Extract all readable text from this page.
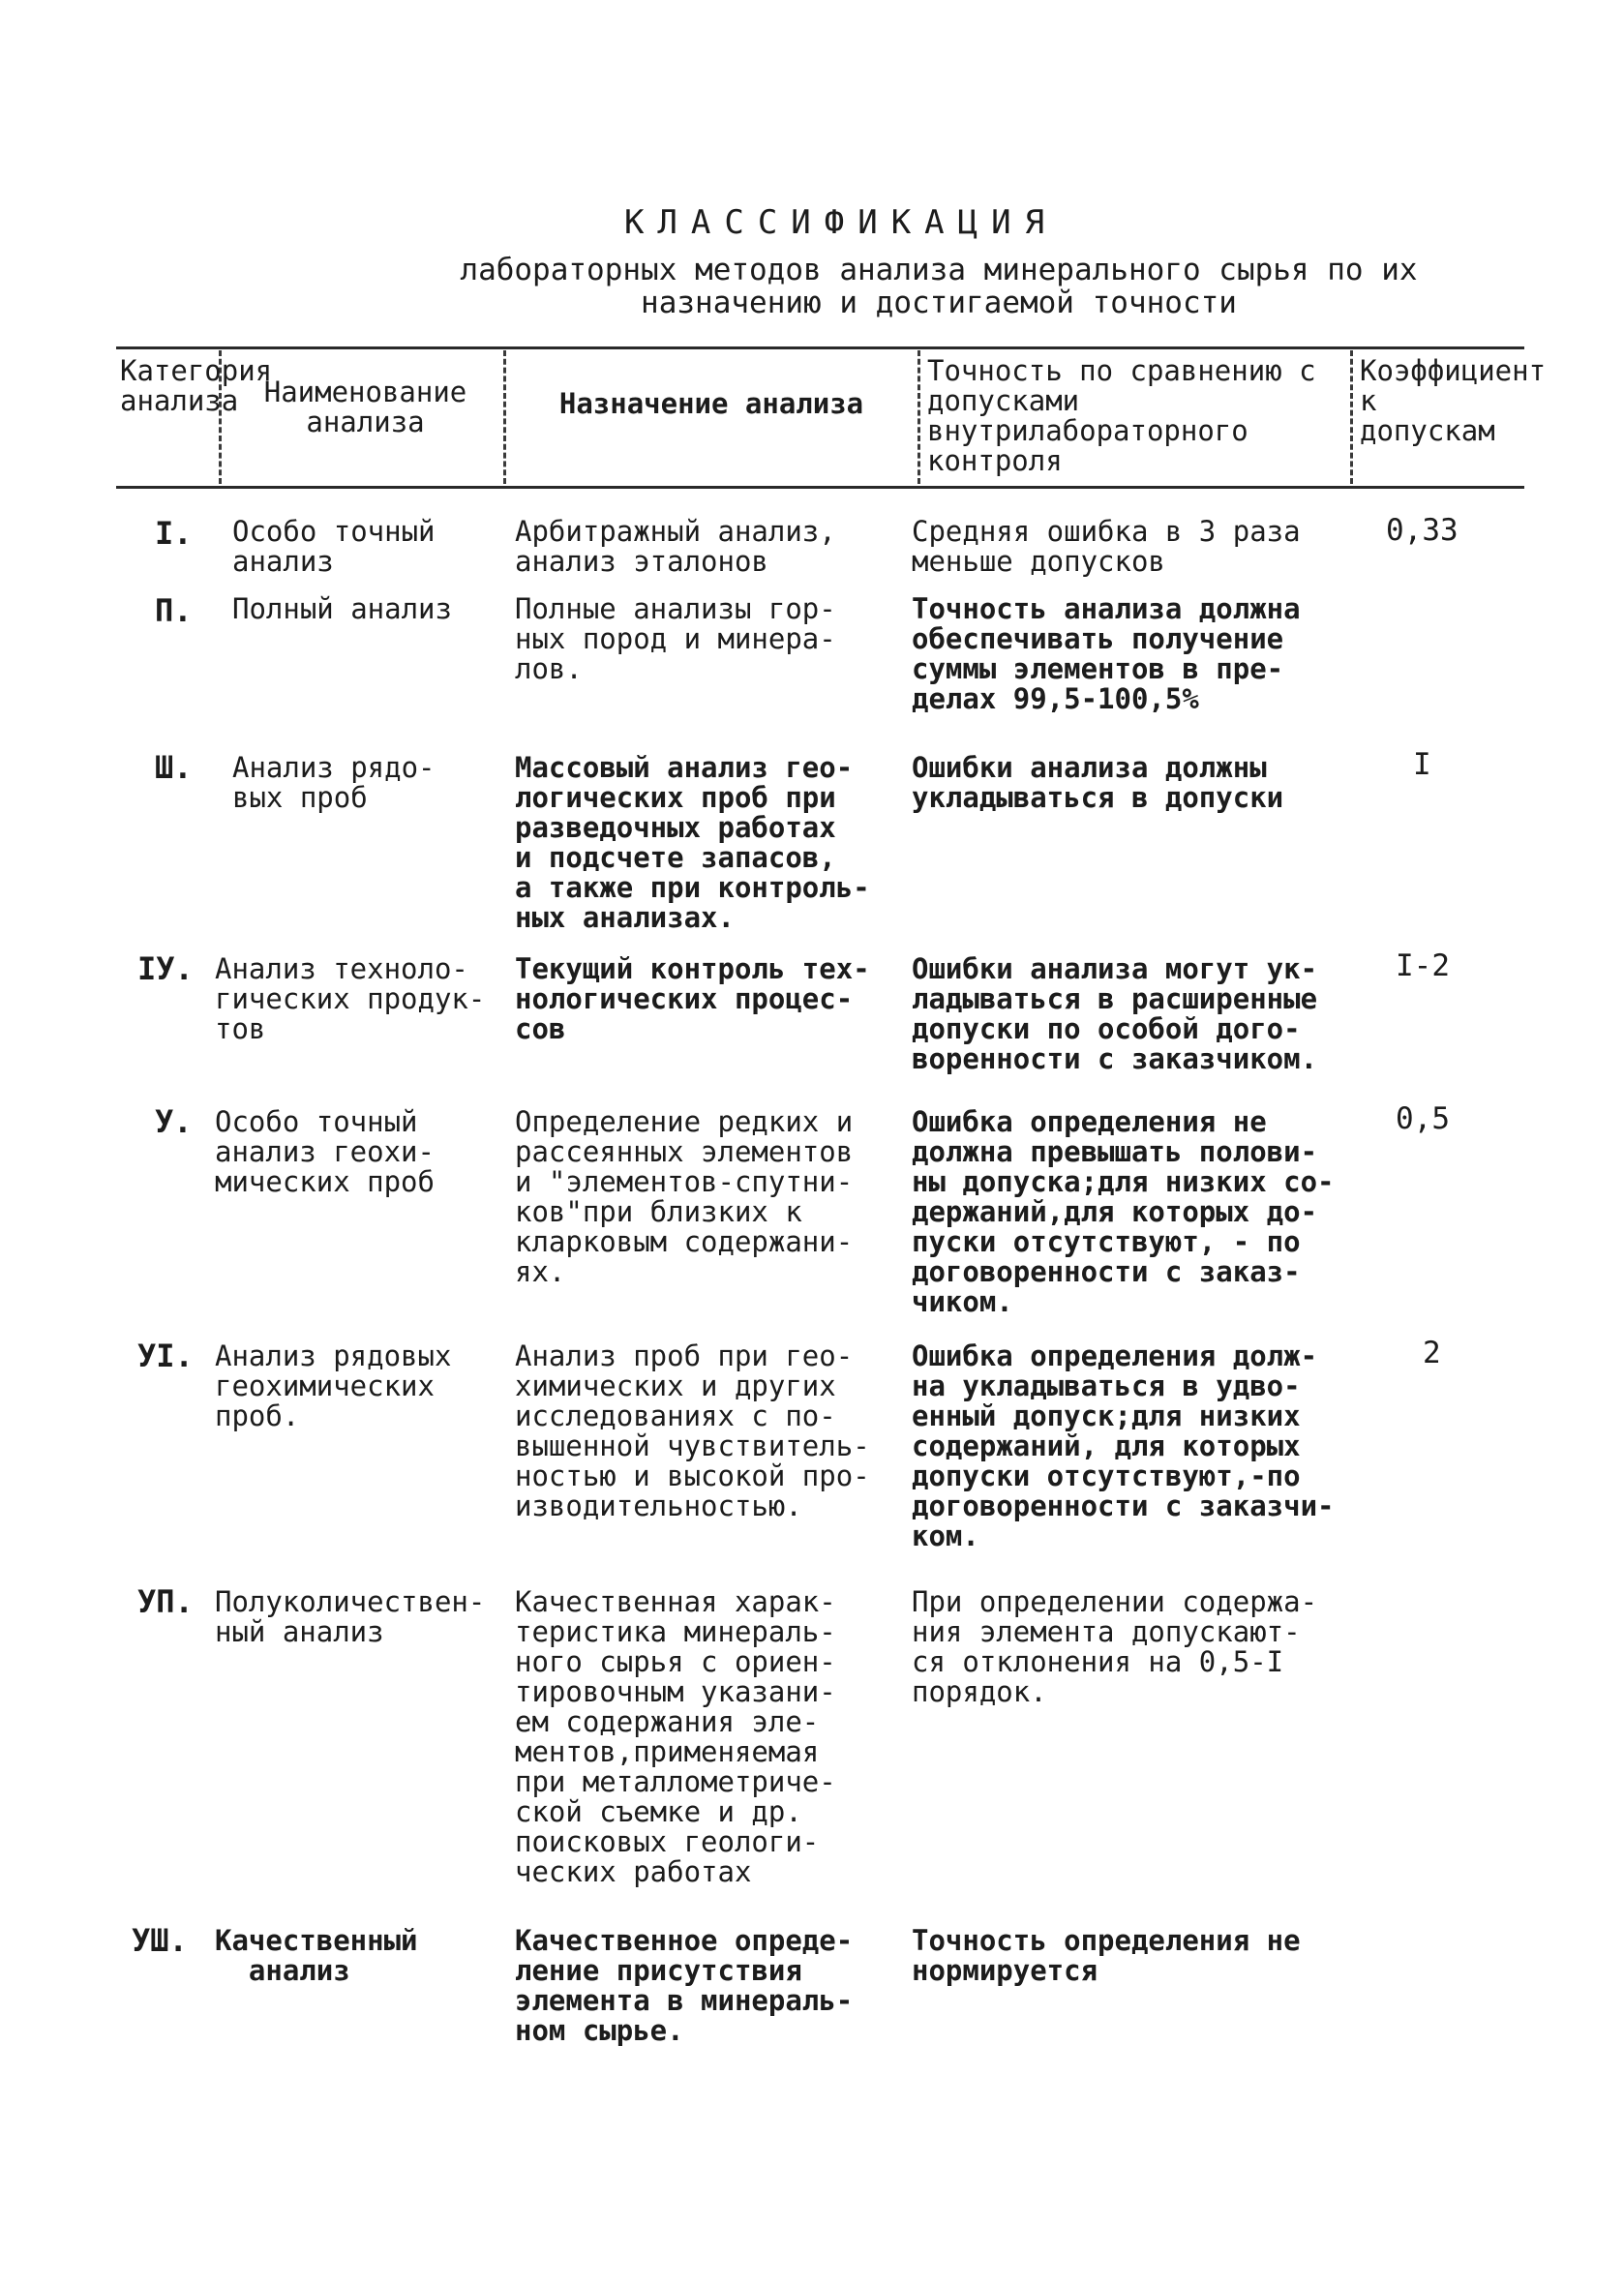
КЛАССИФИКАЦИЯ
лабораторных методов анализа минерального сырья по их назначению и достигаемой точности
Категория анализа Наименование анализа
Назначение анализа
Точность по сравнению с допусками внутрилабораторного контроля
Коэффициент к допускам
I. Особо точный
анализ
Арбитражный анализ,
анализ эталонов
Средняя ошибка в 3 раза
меньше допусков
0,33
П. Полный анализ Полные анализы гор-
ных пород и минера-
лов.
Точность анализа должна
обеспечивать получение
суммы элементов в пре-
делах 99,5-100,5%
Ш. Анализ рядо-
вых проб
Массовый анализ гео-
логических проб при
разведочных работах
и подсчете запасов,
а также при контроль-
ных анализах.
Ошибки анализа должны
укладываться в допуски
I
IУ. Анализ техноло-
гических продук-
тов
Текущий контроль тех-
нологических процес-
сов
Ошибки анализа могут ук-
ладываться в расширенные
допуски по особой дого-
воренности с заказчиком.
I-2
У. Особо точный
анализ геохи-
мических проб
Определение редких и
рассеянных элементов
и "элементов-спутни-
ков"при близких к
кларковым содержани-
ях.
Ошибка определения не
должна превышать полови-
ны допуска;для низких со-
держаний,для которых до-
пуски отсутствуют, - по
договоренности с заказ-
чиком.
0,5
УI. Анализ рядовых
геохимических
проб.
Анализ проб при гео-
химических и других
исследованиях с по-
вышенной чувствитель-
ностью и высокой про-
изводительностью.
Ошибка определения долж-
на укладываться в удво-
енный допуск;для низких
содержаний, для которых
допуски отсутствуют,-по
договоренности с заказчи-
ком.
2
УП. Полуколичествен-
ный анализ
Качественная харак-
теристика минераль-
ного сырья с ориен-
тировочным указани-
ем содержания эле-
ментов,применяемая
при металлометриче-
ской съемке и др.
поисковых геологи-
ческих работах
При определении содержа-
ния элемента допускают-
ся отклонения на 0,5-I
порядок.
УШ. Качественный
анализ
Качественное опреде-
ление присутствия
элемента в минераль-
ном сырье.
Точность определения не
нормируется
